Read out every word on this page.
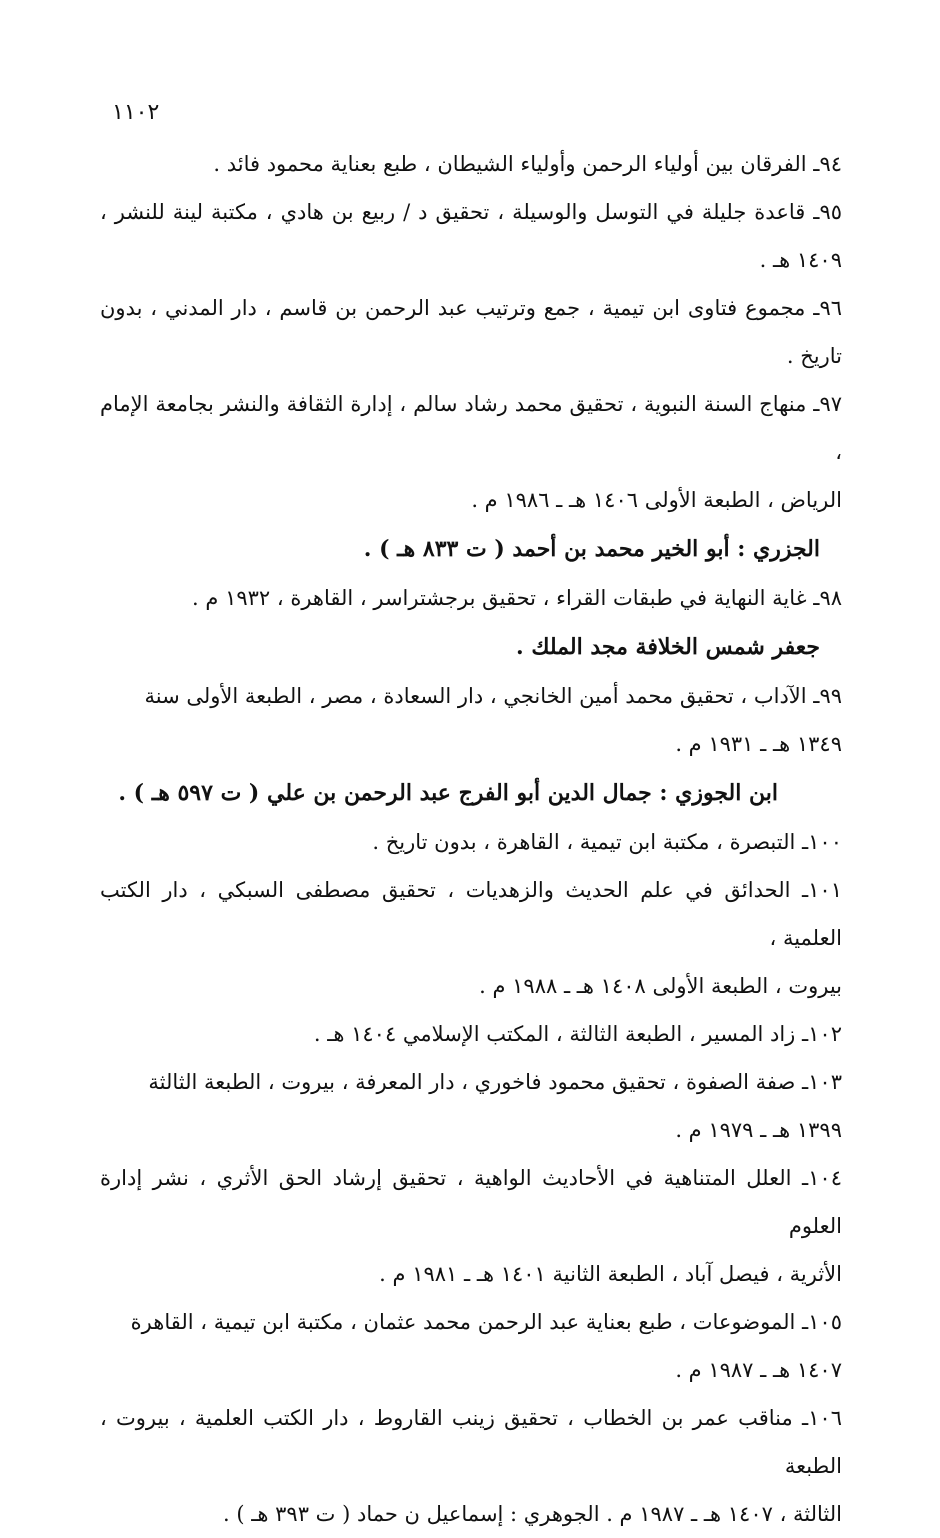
١١٠٢
٩٤ـ الفرقان بين أولياء الرحمن وأولياء الشيطان ، طبع بعناية محمود فائد .
٩٥ـ قاعدة جليلة في التوسل والوسيلة ، تحقيق د / ربيع بن هادي ، مكتبة لينة للنشر ، ١٤٠٩ هـ .
٩٦ـ مجموع فتاوى ابن تيمية ، جمع وترتيب عبد الرحمن بن قاسم ، دار المدني ، بدون تاريخ .
٩٧ـ منهاج السنة النبوية ، تحقيق محمد رشاد سالم ، إدارة الثقافة والنشر بجامعة الإمام ،
الرياض ، الطبعة الأولى ١٤٠٦ هـ ـ ١٩٨٦ م .
الجزري : أبو الخير محمد بن أحمد ( ت ٨٣٣ هـ ) .
٩٨ـ غاية النهاية في طبقات القراء ، تحقيق برجشتراسر ، القاهرة ، ١٩٣٢ م .
جعفر شمس الخلافة مجد الملك .
٩٩ـ الآداب ، تحقيق محمد أمين الخانجي ، دار السعادة ، مصر ، الطبعة الأولى سنة
١٣٤٩ هـ ـ ١٩٣١ م .
ابن الجوزي : جمال الدين أبو الفرج عبد الرحمن بن علي ( ت ٥٩٧ هـ ) .
١٠٠ـ التبصرة ، مكتبة ابن تيمية ، القاهرة ، بدون تاريخ .
١٠١ـ الحدائق في علم الحديث والزهديات ، تحقيق مصطفى السبكي ، دار الكتب العلمية ،
بيروت ، الطبعة الأولى ١٤٠٨ هـ ـ ١٩٨٨ م .
١٠٢ـ زاد المسير ، الطبعة الثالثة ، المكتب الإسلامي ١٤٠٤ هـ .
١٠٣ـ صفة الصفوة ، تحقيق محمود فاخوري ، دار المعرفة ، بيروت ، الطبعة الثالثة
١٣٩٩ هـ ـ ١٩٧٩ م .
١٠٤ـ العلل المتناهية في الأحاديث الواهية ، تحقيق إرشاد الحق الأثري ، نشر إدارة العلوم
الأثرية ، فيصل آباد ، الطبعة الثانية ١٤٠١ هـ ـ ١٩٨١ م .
١٠٥ـ الموضوعات ، طبع بعناية عبد الرحمن محمد عثمان ، مكتبة ابن تيمية ، القاهرة
١٤٠٧ هـ ـ ١٩٨٧ م .
١٠٦ـ مناقب عمر بن الخطاب ، تحقيق زينب القاروط ، دار الكتب العلمية ، بيروت ، الطبعة
الثالثة ، ١٤٠٧ هـ ـ ١٩٨٧ م . الجوهري : إسماعيل ن حماد ( ت ٣٩٣ هـ ) .
